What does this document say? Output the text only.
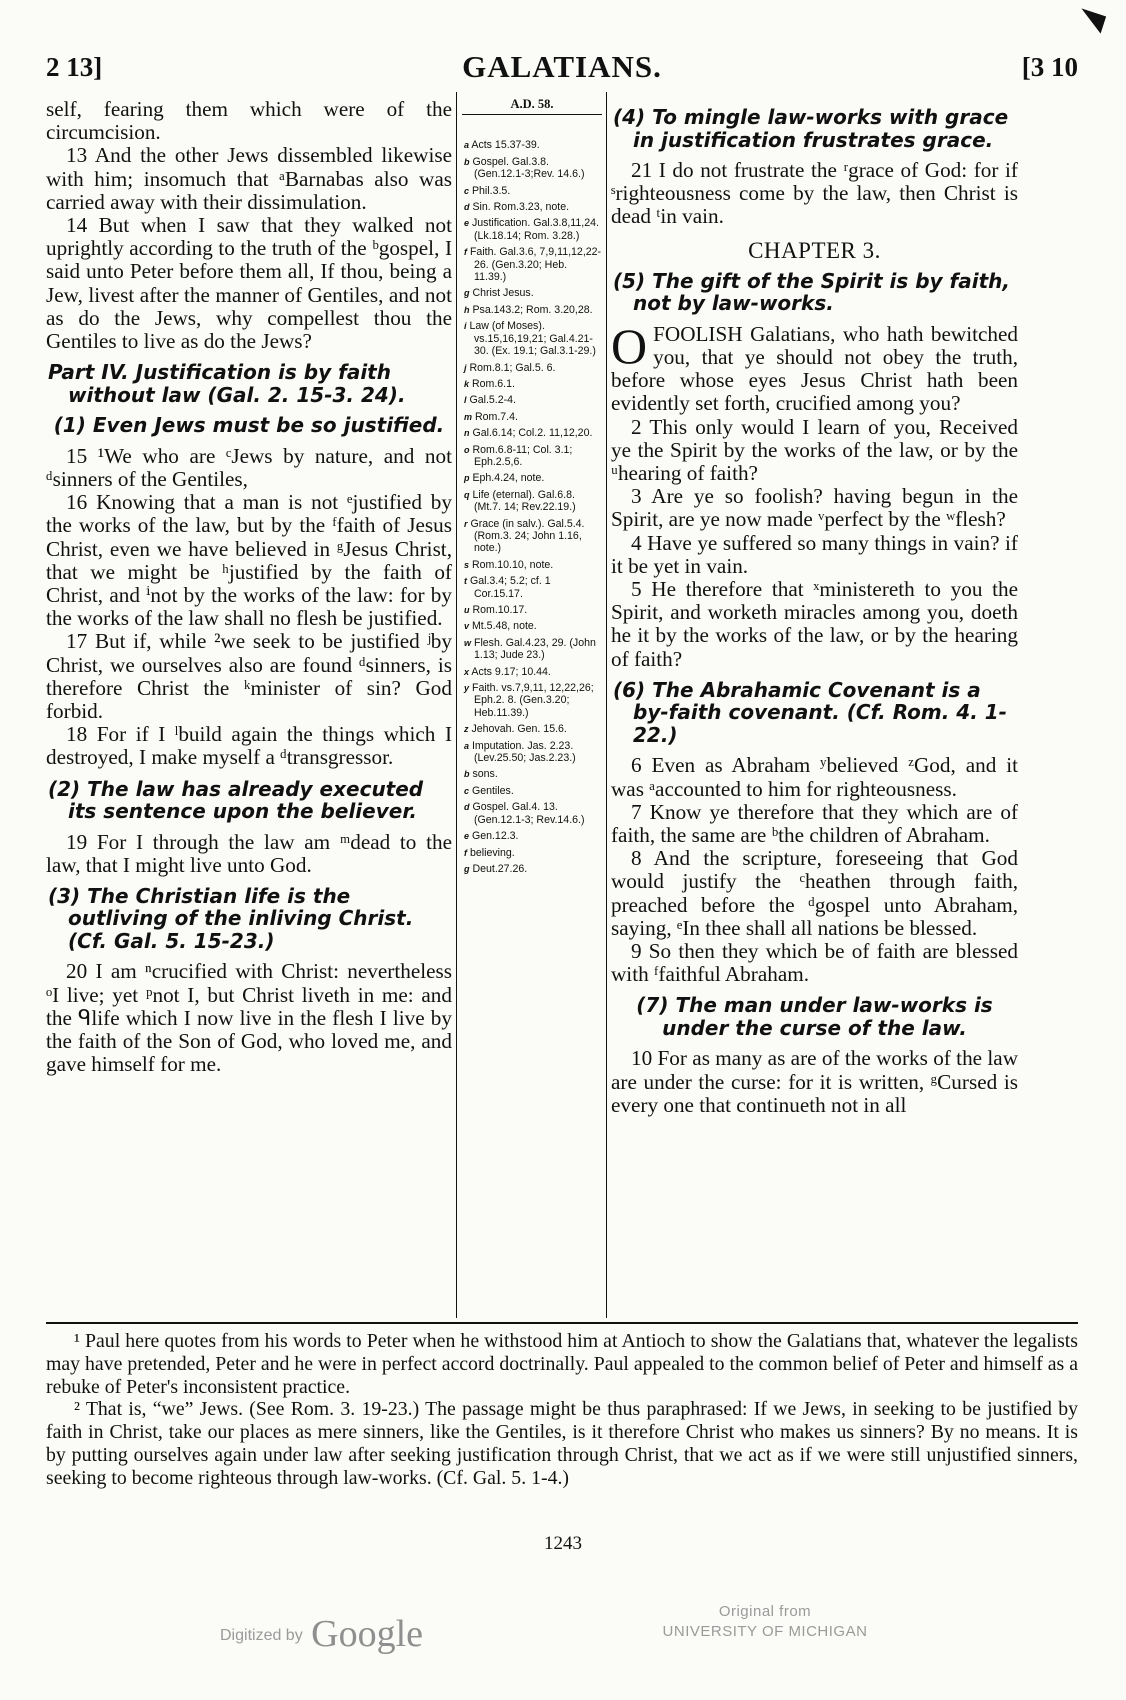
2 13]	GALATIANS.	[3 10

self, fearing them which were of the circumcision.

13 And the other Jews dissembled likewise with him; insomuch that ᵃBarnabas also was carried away with their dissimulation.

14 But when I saw that they walked not uprightly according to the truth of the ᵇgospel, I said unto Peter before them all, If thou, being a Jew, livest after the manner of Gentiles, and not as do the Jews, why compellest thou the Gentiles to live as do the Jews?

Part IV. Justification is by faith without law (Gal. 2. 15-3. 24).

(1) Even Jews must be so justified.

15 ¹We who are ᶜJews by nature, and not ᵈsinners of the Gentiles,

16 Knowing that a man is not ᵉjustified by the works of the law, but by the ᶠfaith of Jesus Christ, even we have believed in ᵍJesus Christ, that we might be ʰjustified by the faith of Christ, and ⁱnot by the works of the law: for by the works of the law shall no flesh be justified.

17 But if, while ²we seek to be justified ʲby Christ, we ourselves also are found ᵈsinners, is therefore Christ the ᵏminister of sin? God forbid.

18 For if I ˡbuild again the things which I destroyed, I make myself a ᵈtransgressor.

(2) The law has already executed its sentence upon the believer.

19 For I through the law am ᵐdead to the law, that I might live unto God.

(3) The Christian life is the outliving of the inliving Christ. (Cf. Gal. 5. 15-23.)

20 I am ⁿcrucified with Christ: nevertheless ᵒI live; yet ᵖnot I, but Christ liveth in me: and the ᑫlife which I now live in the flesh I live by the faith of the Son of God, who loved me, and gave himself for me.

A.D. 58.
a Acts 15.37-39.
b Gospel. Gal.3.8. (Gen.12.1-3;Rev. 14.6.)
c Phil.3.5.
d Sin. Rom.3.23, note.
e Justification. Gal.3.8,11,24. (Lk.18.14; Rom. 3.28.)
f Faith. Gal.3.6, 7,9,11,12,22-26. (Gen.3.20; Heb. 11.39.)
g Christ Jesus.
h Psa.143.2; Rom. 3.20,28.
i Law (of Moses). vs.15,16,19,21; Gal.4.21-30. (Ex. 19.1; Gal.3.1-29.)
j Rom.8.1; Gal.5. 6.
k Rom.6.1.
l Gal.5.2-4.
m Rom.7.4.
n Gal.6.14; Col.2. 11,12,20.
o Rom.6.8-11; Col. 3.1; Eph.2.5,6.
p Eph.4.24, note.
q Life (eternal). Gal.6.8. (Mt.7. 14; Rev.22.19.)
r Grace (in salv.). Gal.5.4. (Rom.3. 24; John 1.16, note.)
s Rom.10.10, note.
t Gal.3.4; 5.2; cf. 1 Cor.15.17.
u Rom.10.17.
v Mt.5.48, note.
w Flesh. Gal.4.23, 29. (John 1.13; Jude 23.)
x Acts 9.17; 10.44.
y Faith. vs.7,9,11, 12,22,26; Eph.2. 8. (Gen.3.20; Heb.11.39.)
z Jehovah. Gen. 15.6.
a Imputation. Jas. 2.23. (Lev.25.50; Jas.2.23.)
b sons.
c Gentiles.
d Gospel. Gal.4. 13. (Gen.12.1-3; Rev.14.6.)
e Gen.12.3.
f believing.
g Deut.27.26.

(4) To mingle law-works with grace in justification frustrates grace.

21 I do not frustrate the ʳgrace of God: for if ˢrighteousness come by the law, then Christ is dead ᵗin vain.

CHAPTER 3.

(5) The gift of the Spirit is by faith, not by law-works.

OFOOLISH Galatians, who hath bewitched you, that ye should not obey the truth, before whose eyes Jesus Christ hath been evidently set forth, crucified among you?

2 This only would I learn of you, Received ye the Spirit by the works of the law, or by the ᵘhearing of faith?

3 Are ye so foolish? having begun in the Spirit, are ye now made ᵛperfect by the ʷflesh?

4 Have ye suffered so many things in vain? if it be yet in vain.

5 He therefore that ˣministereth to you the Spirit, and worketh miracles among you, doeth he it by the works of the law, or by the hearing of faith?

(6) The Abrahamic Covenant is a by-faith covenant. (Cf. Rom. 4. 1-22.)

6 Even as Abraham ʸbelieved ᶻGod, and it was ᵃaccounted to him for righteousness.

7 Know ye therefore that they which are of faith, the same are ᵇthe children of Abraham.

8 And the scripture, foreseeing that God would justify the ᶜheathen through faith, preached before the ᵈgospel unto Abraham, saying, ᵉIn thee shall all nations be blessed.

9 So then they which be of faith are blessed with ᶠfaithful Abraham.

(7) The man under law-works is under the curse of the law.

10 For as many as are of the works of the law are under the curse: for it is written, ᵍCursed is every one that continueth not in all

¹ Paul here quotes from his words to Peter when he withstood him at Antioch to show the Galatians that, whatever the legalists may have pretended, Peter and he were in perfect accord doctrinally. Paul appealed to the common belief of Peter and himself as a rebuke of Peter's inconsistent practice.

² That is, “we” Jews. (See Rom. 3. 19-23.) The passage might be thus paraphrased: If we Jews, in seeking to be justified by faith in Christ, take our places as mere sinners, like the Gentiles, is it therefore Christ who makes us sinners? By no means. It is by putting ourselves again under law after seeking justification through Christ, that we act as if we were still unjustified sinners, seeking to become righteous through law-works. (Cf. Gal. 5. 1-4.)

1243
Digitized by Google
Original from
UNIVERSITY OF MICHIGAN
